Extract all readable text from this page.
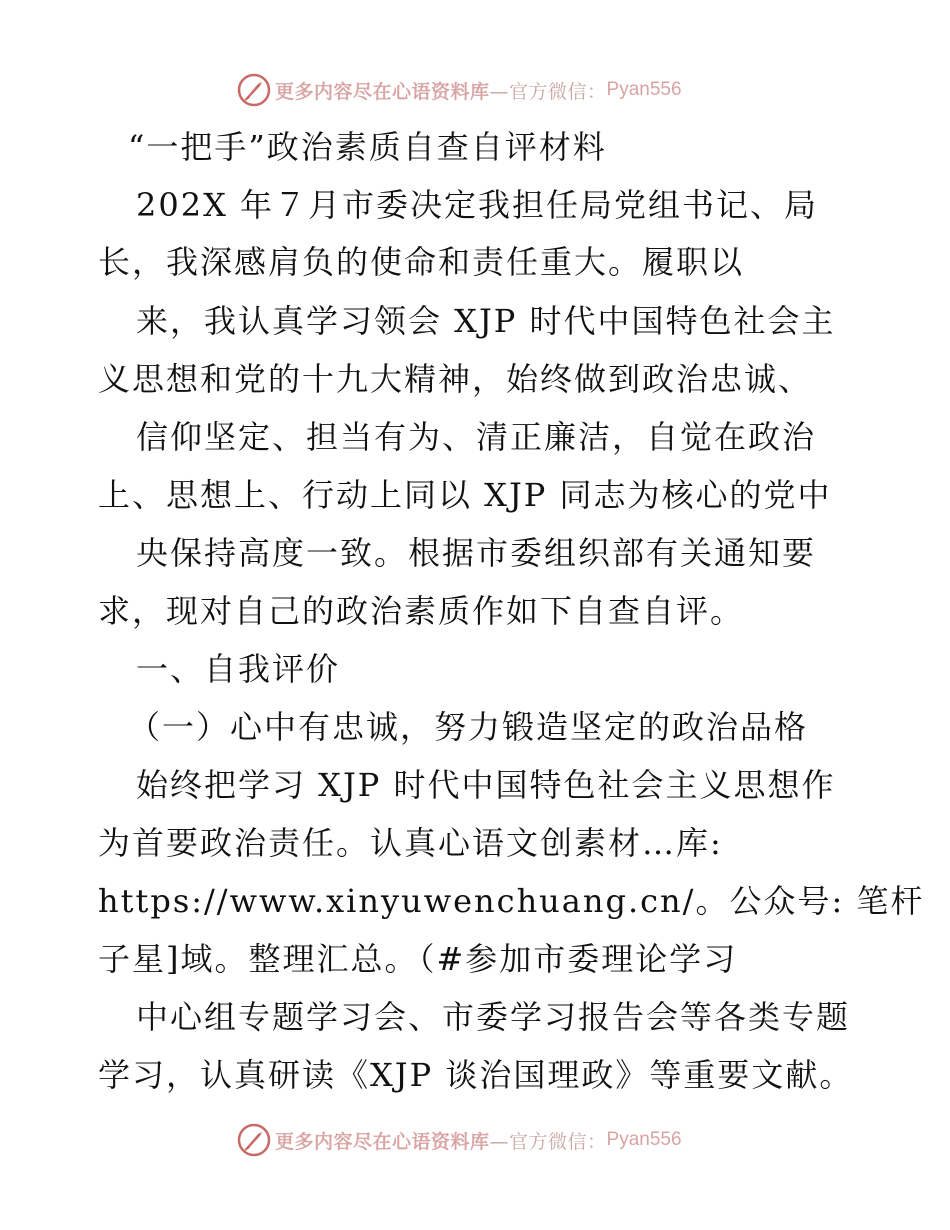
更多内容尽在心语资料库 —官方微信： Pyan556
“一把手”政治素质自查自评材料
202X 年７月市委决定我担任局党组书记、局
长，我深感肩负的使命和责任重大。履职以
来，我认真学习领会 XJP 时代中国特色社会主
义思想和党的十九大精神，始终做到政治忠诚、
信仰坚定、担当有为、清正廉洁，自觉在政治
上、思想上、行动上同以 XJP 同志为核心的党中
央保持高度一致。根据市委组织部有关通知要
求，现对自己的政治素质作如下自查自评。
一、自我评价
（一）心中有忠诚，努力锻造坚定的政治品格
始终把学习 XJP 时代中国特色社会主义思想作
为首要政治责任。认真心语文创素材…库:
https://www.xinyuwenchuang.cn/。公众号: 笔杆
子星]域。整理汇总。（#参加市委理论学习
中心组专题学习会、市委学习报告会等各类专题
学习，认真研读《XJP 谈治国理政》等重要文献。
更多内容尽在心语资料库 —官方微信： Pyan556
